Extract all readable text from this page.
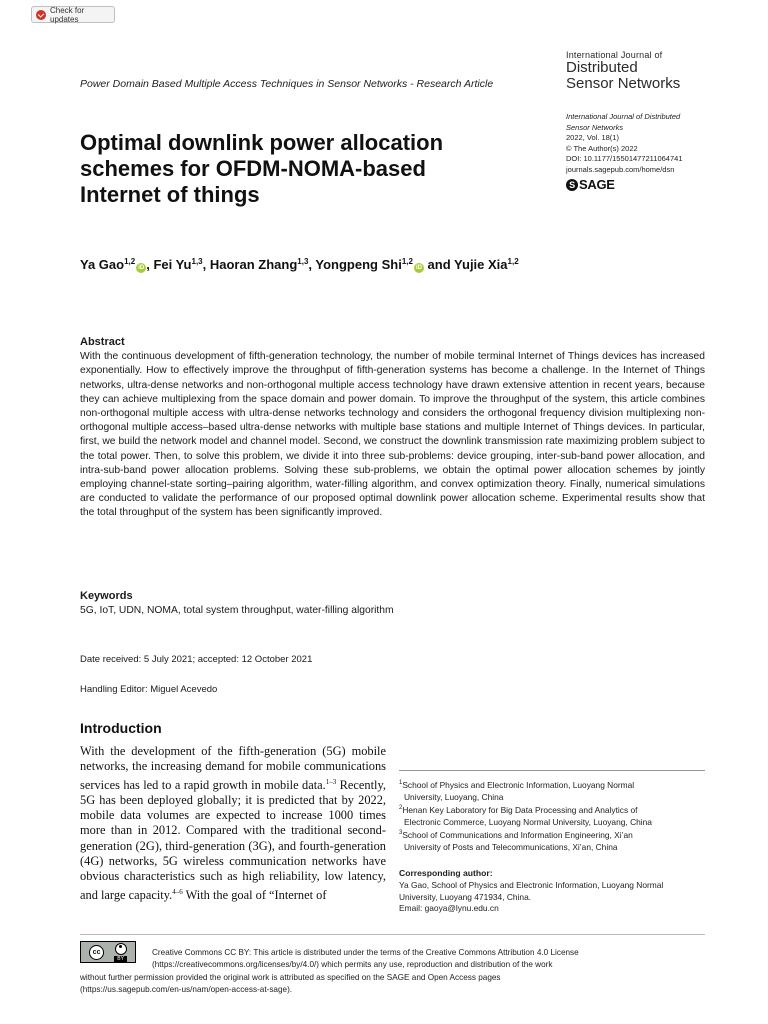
Check for updates
Power Domain Based Multiple Access Techniques in Sensor Networks - Research Article
International Journal of
Distributed
Sensor Networks
International Journal of Distributed
Sensor Networks
2022, Vol. 18(1)
© The Author(s) 2022
DOI: 10.1177/15501477211064741
journals.sagepub.com/home/dsn
S SAGE
Optimal downlink power allocation schemes for OFDM-NOMA-based Internet of things
Ya Gao$^{1,2}$iD , Fei Yu$^{1,3}$, Haoran Zhang$^{1,3}$, Yongpeng Shi$^{1,2}$iD and Yujie Xia$^{1,2}$
Abstract

With the continuous development of fifth-generation technology, the number of mobile terminal Internet of Things devices has increased exponentially. How to effectively improve the throughput of fifth-generation systems has become a challenge. In the Internet of Things networks, ultra-dense networks and non-orthogonal multiple access technology have drawn extensive attention in recent years, because they can achieve multiplexing from the space domain and power domain. To improve the throughput of the system, this article combines non-orthogonal multiple access with ultra-dense networks technology and considers the orthogonal frequency division multiplexing non-orthogonal multiple access–based ultra-dense networks with multiple base stations and multiple Internet of Things devices. In particular, first, we build the network model and channel model. Second, we construct the downlink transmission rate maximizing problem subject to the total power. Then, to solve this problem, we divide it into three sub-problems: device grouping, inter-sub-band power allocation, and intra-sub-band power allocation problems. Solving these sub-problems, we obtain the optimal power allocation schemes by jointly employing channel-state sorting–pairing algorithm, water-filling algorithm, and convex optimization theory. Finally, numerical simulations are conducted to validate the performance of our proposed optimal downlink power allocation scheme. Experimental results show that the total throughput of the system has been significantly improved.

Keywords
5G, IoT, UDN, NOMA, total system throughput, water-filling algorithm
Date received: 5 July 2021; accepted: 12 October 2021
Handling Editor: Miguel Acevedo
Introduction

With the development of the fifth-generation (5G) mobile networks, the increasing demand for mobile communications services has led to a rapid growth in mobile data.$^{1-3}$ Recently, 5G has been deployed globally; it is predicted that by 2022, mobile data volumes are expected to increase 1000 times more than in 2012. Compared with the traditional second-generation (2G), third-generation (3G), and fourth-generation (4G) networks, 5G wireless communication networks have obvious characteristics such as high reliability, low latency, and large capacity.$^{4-6}$ With the goal of “Internet of

$^1$School of Physics and Electronic Information, Luoyang Normal
University, Luoyang, China
$^2$Henan Key Laboratory for Big Data Processing and Analytics of
Electronic Commerce, Luoyang Normal University, Luoyang, China
$^3$School of Communications and Information Engineering, Xi’an
University of Posts and Telecommunications, Xi’an, China
Corresponding author:
Ya Gao, School of Physics and Electronic Information, Luoyang Normal
University, Luoyang 471934, China.
Email: gaoya@lynu.edu.cn
cc
BY
Creative Commons CC BY: This article is distributed under the terms of the Creative Commons Attribution 4.0 License
(https://creativecommons.org/licenses/by/4.0/) which permits any use, reproduction and distribution of the work
without further permission provided the original work is attributed as specified on the SAGE and Open Access pages
(https://us.sagepub.com/en-us/nam/open-access-at-sage).
